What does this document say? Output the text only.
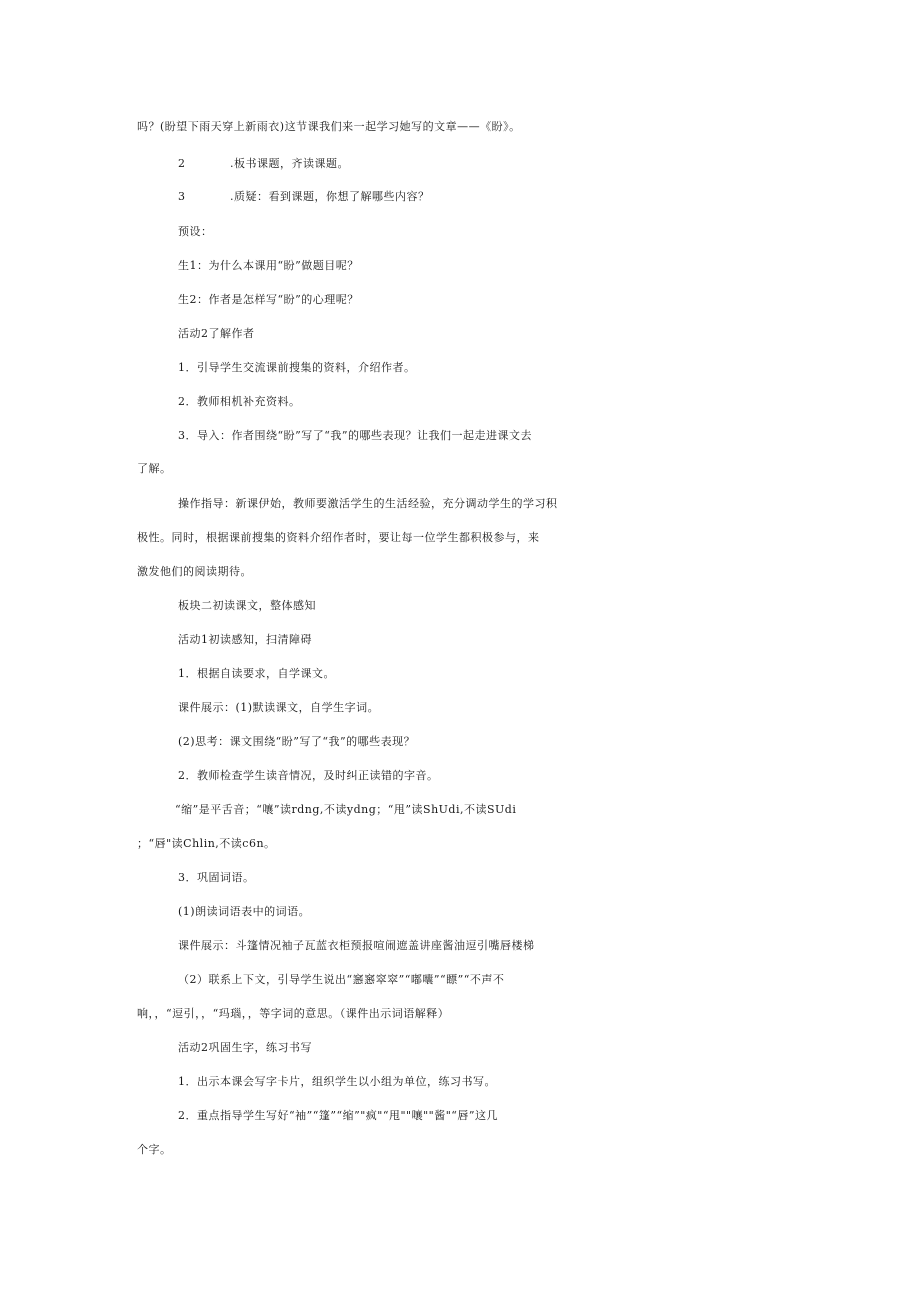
吗？(盼望下雨天穿上新雨衣)这节课我们来一起学习她写的文章——《盼》。
2	.板书课题，齐读课题。
3	.质疑：看到课题，你想了解哪些内容？
预设：
生1：为什么本课用“盼”做题目呢？
生2：作者是怎样写“盼”的心理呢？
活动2了解作者
1．引导学生交流课前搜集的资料，介绍作者。
2．教师相机补充资料。
3．导入：作者围绕“盼”写了“我”的哪些表现？让我们一起走进课文去
了解。
操作指导：新课伊始，教师要激活学生的生活经验，充分调动学生的学习积
极性。同时，根据课前搜集的资料介绍作者时，要让每一位学生都积极参与，来
激发他们的阅读期待。
板块二初读课文，整体感知
活动1初读感知，扫清障碍
1．根据自读要求，自学课文。
课件展示：(1)默读课文，自学生字词。
(2)思考：课文围绕“盼”写了“我”的哪些表现？
2．教师检查学生读音情况，及时纠正读错的字音。
“缩”是平舌音；“嚷”读rdng,不读ydng；“甩”读ShUdi,不读SUdi
；“唇"读Chlin,不读c6n。
3．巩固词语。
(1)朗读词语表中的词语。
课件展示：斗篷情况袖子瓦蓝衣柜预报喧闹遮盖讲座酱油逗引嘴唇楼梯
（2）联系上下文，引导学生说出“窸窸窣窣”“嘟囔”“瞟”“不声不
响，，“逗引，，“玛瑙，，等字词的意思。（课件出示词语解释）
活动2巩固生字，练习书写
1．出示本课会写字卡片，组织学生以小组为单位，练习书写。
2．重点指导学生写好“袖”“篷”“缩”"疯"“甩""嚷""酱"“唇”这几
个字。
